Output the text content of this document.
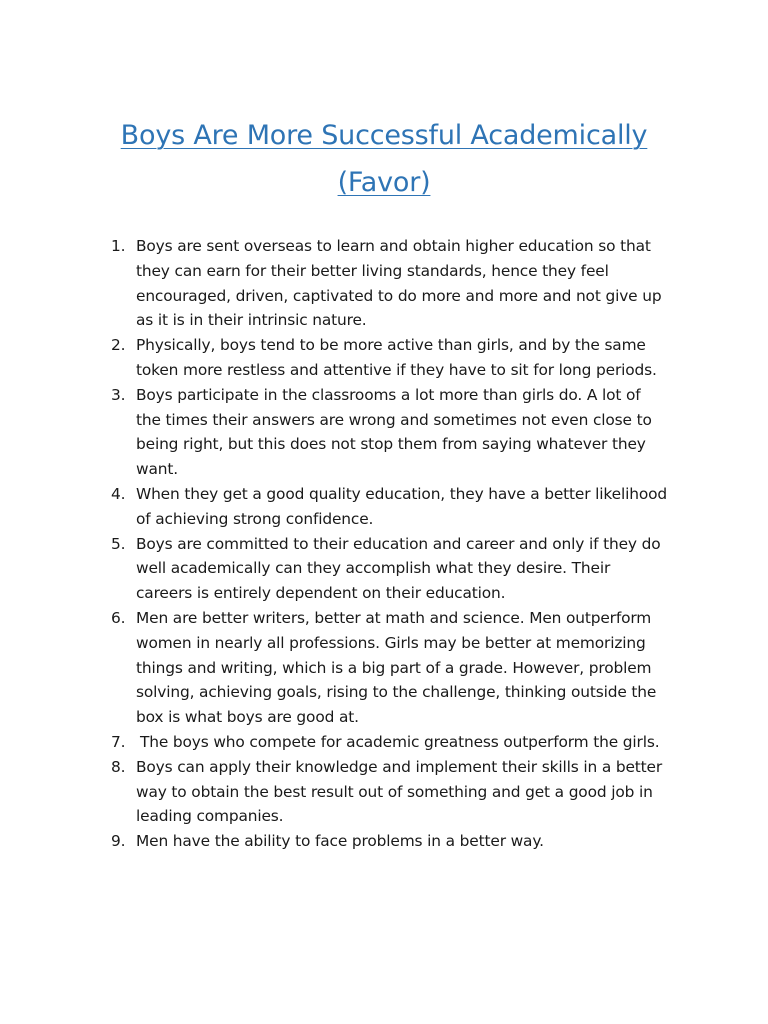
Boys Are More Successful Academically
(Favor)
1. Boys are sent overseas to learn and obtain higher education so that they can earn for their better living standards, hence they feel encouraged, driven, captivated to do more and more and not give up as it is in their intrinsic nature.
2. Physically, boys tend to be more active than girls, and by the same token more restless and attentive if they have to sit for long periods.
3. Boys participate in the classrooms a lot more than girls do. A lot of the times their answers are wrong and sometimes not even close to being right, but this does not stop them from saying whatever they want.
4. When they get a good quality education, they have a better likelihood of achieving strong confidence.
5. Boys are committed to their education and career and only if they do well academically can they accomplish what they desire. Their careers is entirely dependent on their education.
6. Men are better writers, better at math and science. Men outperform women in nearly all professions. Girls may be better at memorizing things and writing, which is a big part of a grade. However, problem solving, achieving goals, rising to the challenge, thinking outside the box is what boys are good at.
7. The boys who compete for academic greatness outperform the girls.
8. Boys can apply their knowledge and implement their skills in a better way to obtain the best result out of something and get a good job in leading companies.
9. Men have the ability to face problems in a better way.
